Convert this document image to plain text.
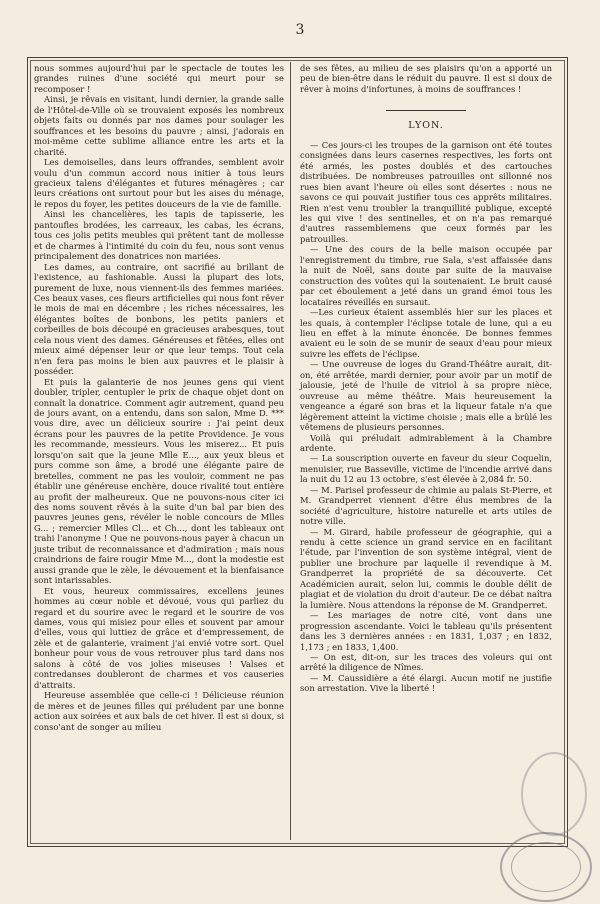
3

nous sommes aujourd'hui par le spectacle de toutes les grandes ruines d'une société qui meurt pour se recomposer !

Ainsi, je rêvais en visitant, lundi dernier, la grande salle de l'Hôtel-de-Ville où se trouvaient exposés les nombreux objets faits ou donnés par nos dames pour soulager les souffrances et les besoins du pauvre ; ainsi, j'adorais en moi-même cette sublime alliance entre les arts et la charité.

Les demoiselles, dans leurs offrandes, semblent avoir voulu d'un commun accord nous initier à tous leurs gracieux talens d'élégantes et futures ménagères ; car leurs créations ont surtout pour but les aises du ménage, le repos du foyer, les petites douceurs de la vie de famille.

Ainsi les chancelières, les tapis de tapisserie, les pantoufles brodées, les carreaux, les cabas, les écrans, tous ces jolis petits meubles qui prêtent tant de mollesse et de charmes à l'intimité du coin du feu, nous sont venus principalement des donatrices non mariées.

Les dames, au contraire, ont sacrifié au brillant de l'existence, au fashionable. Aussi la plupart des lots, purement de luxe, nous viennent-ils des femmes mariées. Ces beaux vases, ces fleurs artificielles qui nous font rêver le mois de mai en décembre ; les riches nécessaires, les élégantes boîtes de bonbons, les petits paniers et corbeilles de bois découpé en gracieuses arabesques, tout cela nous vient des dames. Généreuses et fêtées, elles ont mieux aimé dépenser leur or que leur temps. Tout cela n'en fera pas moins le bien aux pauvres et le plaisir à posséder.

Et puis la galanterie de nos jeunes gens qui vient doubler, tripler, centupler le prix de chaque objet dont on connaît la donatrice. Comment agir autrement, quand peu de jours avant, on a entendu, dans son salon, Mme D. *** vous dire, avec un délicieux sourire : J'ai peint deux écrans pour les pauvres de la petite Providence. Je vous les recommande, messieurs. Vous les miserez... Et puis lorsqu'on sait que la jeune Mlle E..., aux yeux bleus et purs comme son âme, a brodé une élégante paire de bretelles, comment ne pas les vouloir, comment ne pas établir une généreuse enchère, douce rivalité tout entière au profit der malheureux. Que ne pouvons-nous citer ici des noms souvent rêvés à la suite d'un bal par bien des pauvres jeunes gens, révéler le noble concours de Mlles G... ; remercier Mlles Cl... et Ch..., dont les tableaux ont trahi l'anonyme ! Que ne pouvons-nous payer à chacun un juste tribut de reconnaissance et d'admiration ; mais nous craindrions de faire rougir Mme M..., dont la modestie est aussi grande que le zèle, le dévouement et la bienfaisance sont intarissables.

Et vous, heureux commissaires, excellens jeunes hommes au cœur noble et dévoué, vous qui parliez du regard et du sourire avec le regard et le sourire de vos dames, vous qui misiez pour elles et souvent par amour d'elles, vous qui luttiez de grâce et d'empressement, de zèle et de galanterie, vraiment j'ai envié votre sort. Quel bonheur pour vous de vous retrouver plus tard dans nos salons à côté de vos jolies miseuses ! Valses et contredanses doubleront de charmes et vos causeries d'attraits.

Heureuse assemblée que celle-ci ! Délicieuse réunion de mères et de jeunes filles qui préludent par une bonne action aux soirées et aux bals de cet hiver. Il est si doux, si conso'ant de songer au milieu

de ses fêtes, au milieu de ses plaisirs qu'on a apporté un peu de bien-être dans le réduit du pauvre. Il est si doux de rêver à moins d'infortunes, à moins de souffrances !

LYON.

— Ces jours-ci les troupes de la garnison ont été toutes consignées dans leurs casernes respectives, les forts ont été armés, les postes doublés et des cartouches distribuées. De nombreuses patrouilles ont sillonné nos rues bien avant l'heure où elles sont désertes : nous ne savons ce qui pouvait justifier tous ces apprêts militaires. Rien n'est venu troubler la tranquillité publique, excepté les qui vive ! des sentinelles, et on n'a pas remarqué d'autres rassemblemens que ceux formés par les patrouilles.

— Une des cours de la belle maison occupée par l'enregistrement du timbre, rue Sala, s'est affaissée dans la nuit de Noël, sans doute par suite de la mauvaise construction des voûtes qui la soutenaient. Le bruit causé par cet éboulement a jeté dans un grand émoi tous les locataires réveillés en sursaut.

—Les curieux étaient assemblés hier sur les places et les quais, à contempler l'éclipse totale de lune, qui a eu lieu en effet à la minute énoncée. De bonnes femmes avaient eu le soin de se munir de seaux d'eau pour mieux suivre les effets de l'éclipse.

— Une ouvreuse de loges du Grand-Théâtre aurait, dit-on, été arrêtée, mardi dernier, pour avoir par un motif de jalousie, jeté de l'huile de vitriol à sa propre nièce, ouvreuse au même théâtre. Mais heureusement la vengeance a égaré son bras et la liqueur fatale n'a que légèrement atteint la victime choisie ; mais elle a brûlé les vêtemens de plusieurs personnes.

Voilà qui préludait admirablement à la Chambre ardente.

— La souscription ouverte en faveur du sieur Coquelin, menuisier, rue Basseville, victime de l'incendie arrivé dans la nuit du 12 au 13 octobre, s'est élevée à 2,084 fr. 50.

— M. Parisel professeur de chimie au palais St-Pierre, et M. Grandperret viennent d'être élus membres de la société d'agriculture, histoire naturelle et arts utiles de notre ville.

— M. Girard, habile professeur de géographie, qui a rendu à cette science un grand service en en facilitant l'étude, par l'invention de son système intégral, vient de publier une brochure par laquelle il revendique à M. Grandperret la propriété de sa découverte. Cet Académicien aurait, selon lui, commis le double délit de plagiat et de violation du droit d'auteur. De ce débat naîtra la lumière. Nous attendons la réponse de M. Grandperret.

— Les mariages de notre cité, vont dans une progression ascendante. Voici le tableau qu'ils présentent dans les 3 dernières années : en 1831, 1,037 ; en 1832, 1,173 ; en 1833, 1,400.

— On est, dit-on, sur les traces des voleurs qui ont arrêté la diligence de Nîmes.

— M. Caussidière a été élargi. Aucun motif ne justifie son arrestation. Vive la liberté !
